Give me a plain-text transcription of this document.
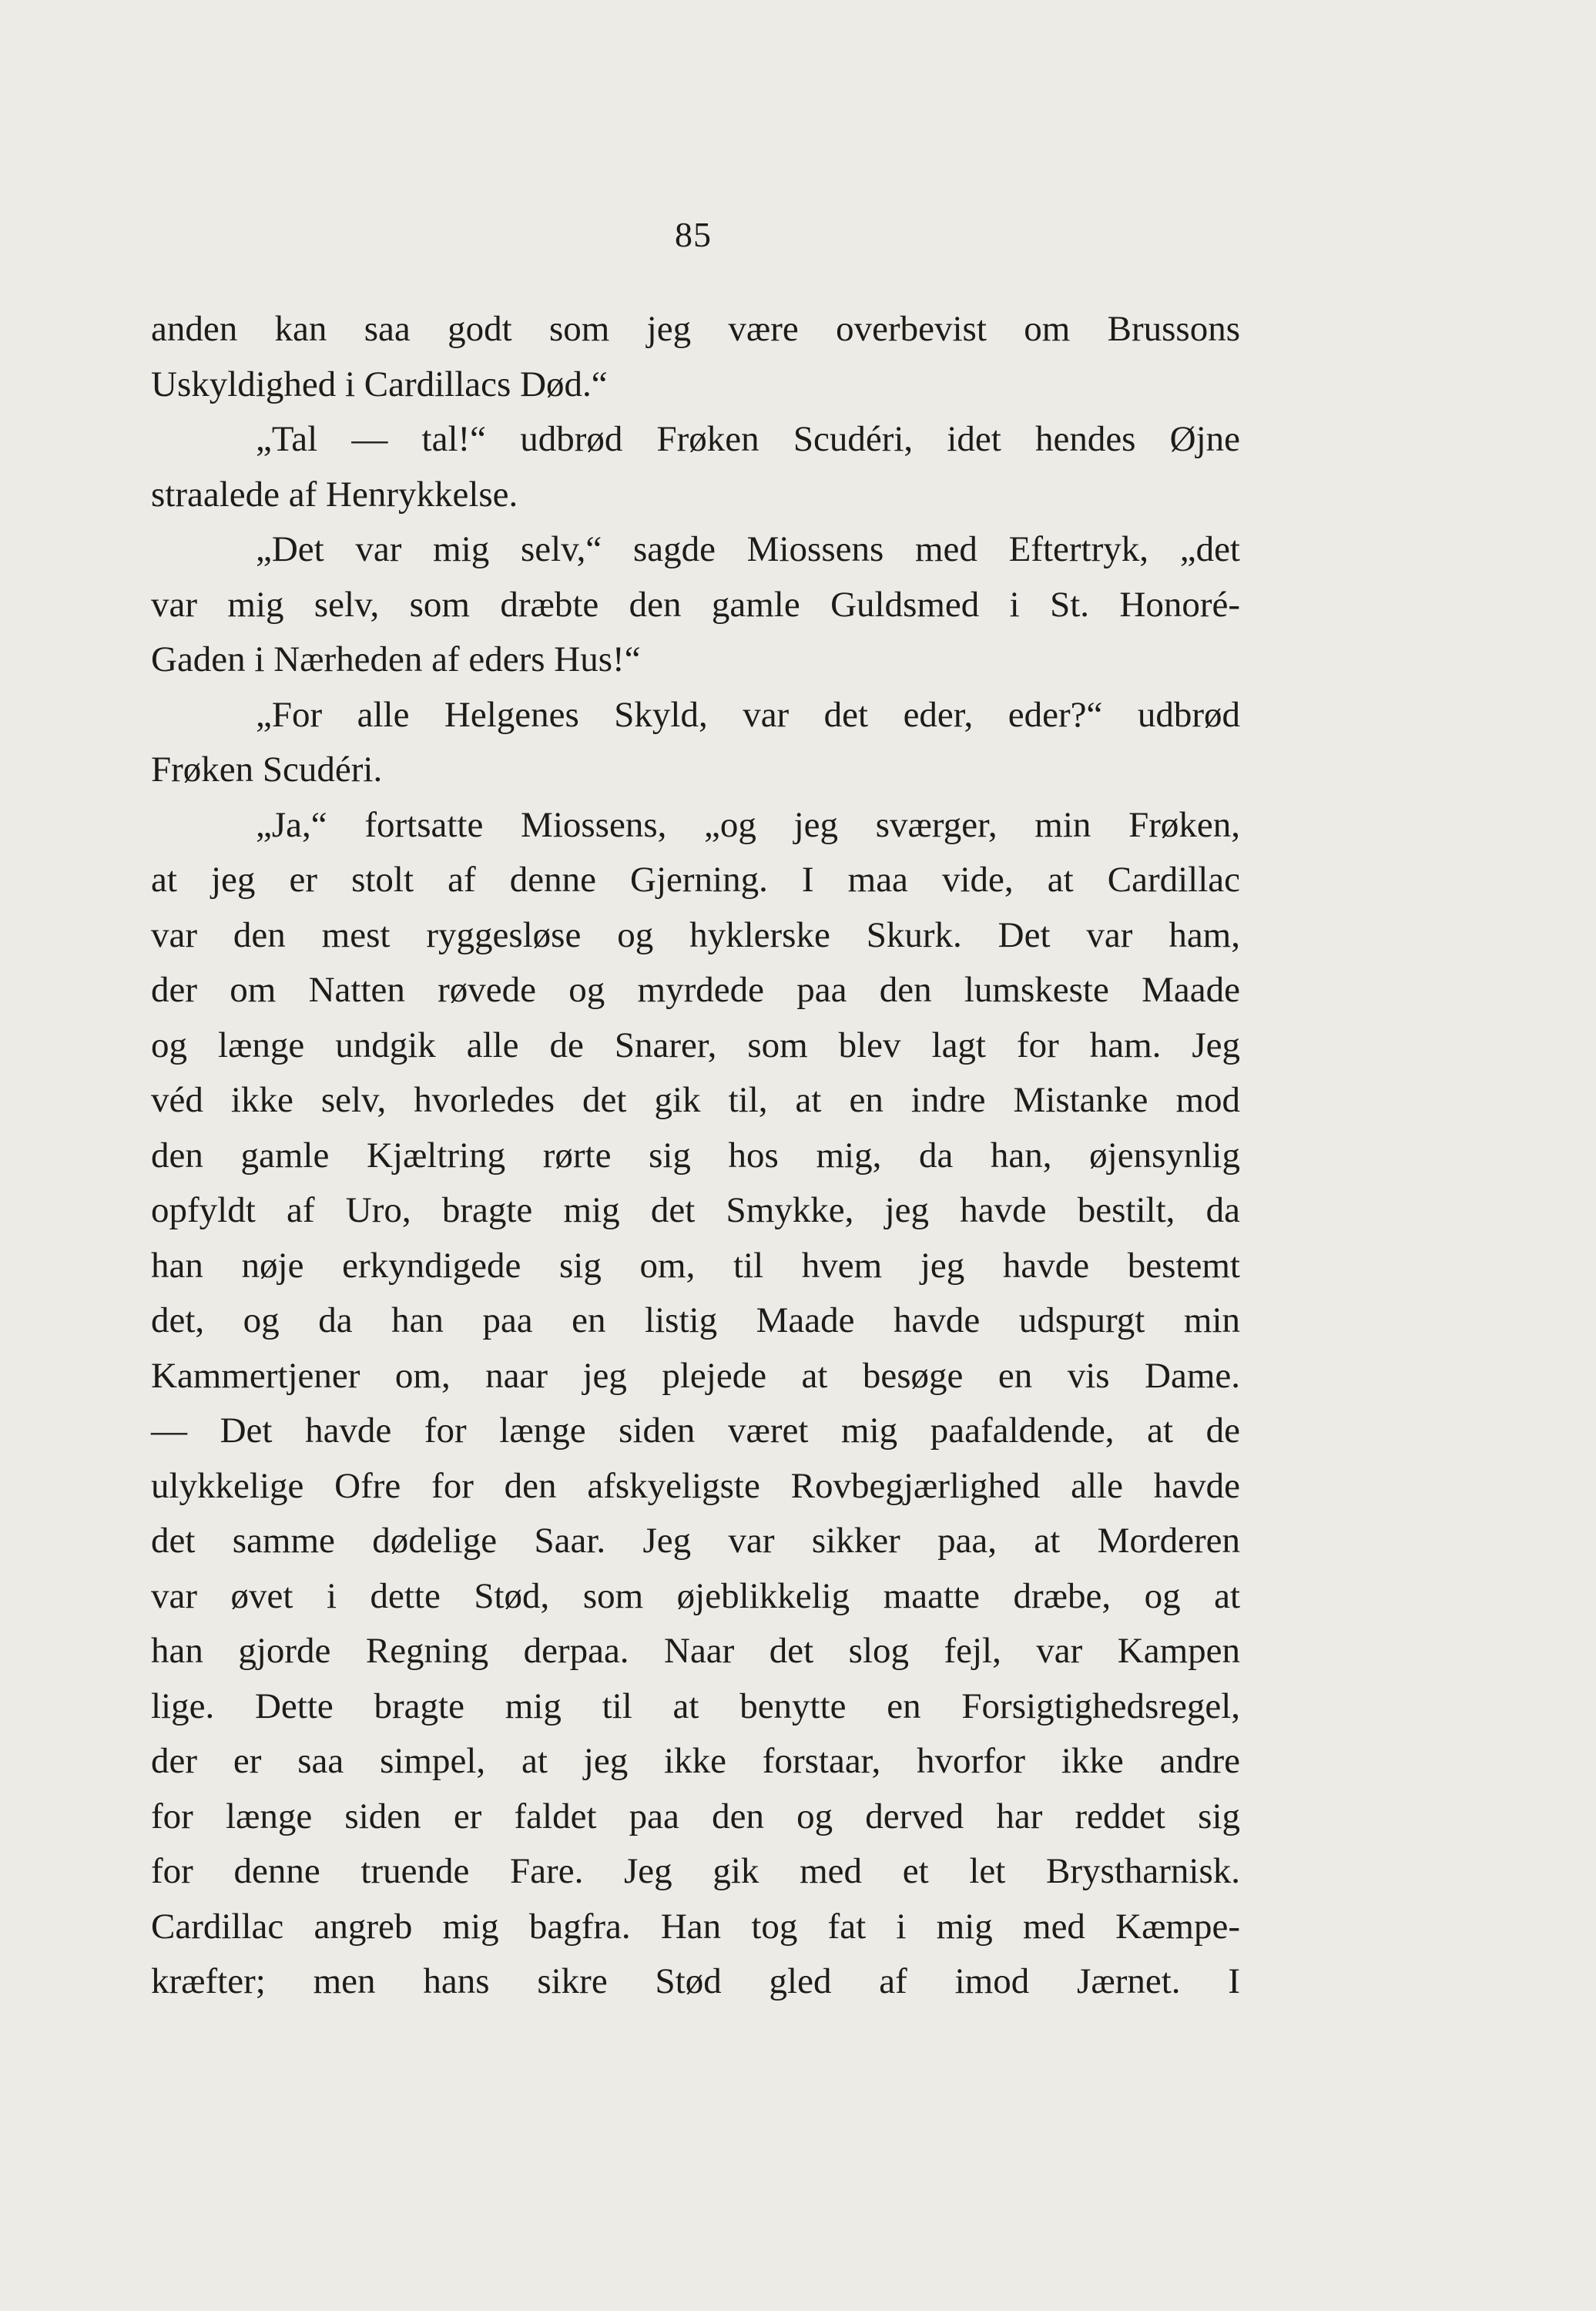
85
anden kan saa godt som jeg være overbevist om Brussons
Uskyldighed i Cardillacs Død.“
„Tal — tal!“ udbrød Frøken Scudéri, idet hendes Øjne
straalede af Henrykkelse.
„Det var mig selv,“ sagde Miossens med Eftertryk, „det
var mig selv, som dræbte den gamle Guldsmed i St. Honoré-
Gaden i Nærheden af eders Hus!“
„For alle Helgenes Skyld, var det eder, eder?“ udbrød
Frøken Scudéri.
„Ja,“ fortsatte Miossens, „og jeg sværger, min Frøken,
at jeg er stolt af denne Gjerning. I maa vide, at Cardillac
var den mest ryggesløse og hyklerske Skurk. Det var ham,
der om Natten røvede og myrdede paa den lumskeste Maade
og længe undgik alle de Snarer, som blev lagt for ham. Jeg
véd ikke selv, hvorledes det gik til, at en indre Mistanke mod
den gamle Kjæltring rørte sig hos mig, da han, øjensynlig
opfyldt af Uro, bragte mig det Smykke, jeg havde bestilt, da
han nøje erkyndigede sig om, til hvem jeg havde bestemt
det, og da han paa en listig Maade havde udspurgt min
Kammertjener om, naar jeg plejede at besøge en vis Dame.
— Det havde for længe siden været mig paafaldende, at de
ulykkelige Ofre for den afskyeligste Rovbegjærlighed alle havde
det samme dødelige Saar. Jeg var sikker paa, at Morderen
var øvet i dette Stød, som øjeblikkelig maatte dræbe, og at
han gjorde Regning derpaa. Naar det slog fejl, var Kampen
lige. Dette bragte mig til at benytte en Forsigtighedsregel,
der er saa simpel, at jeg ikke forstaar, hvorfor ikke andre
for længe siden er faldet paa den og derved har reddet sig
for denne truende Fare. Jeg gik med et let Brystharnisk.
Cardillac angreb mig bagfra. Han tog fat i mig med Kæmpe-
kræfter; men hans sikre Stød gled af imod Jærnet. I
